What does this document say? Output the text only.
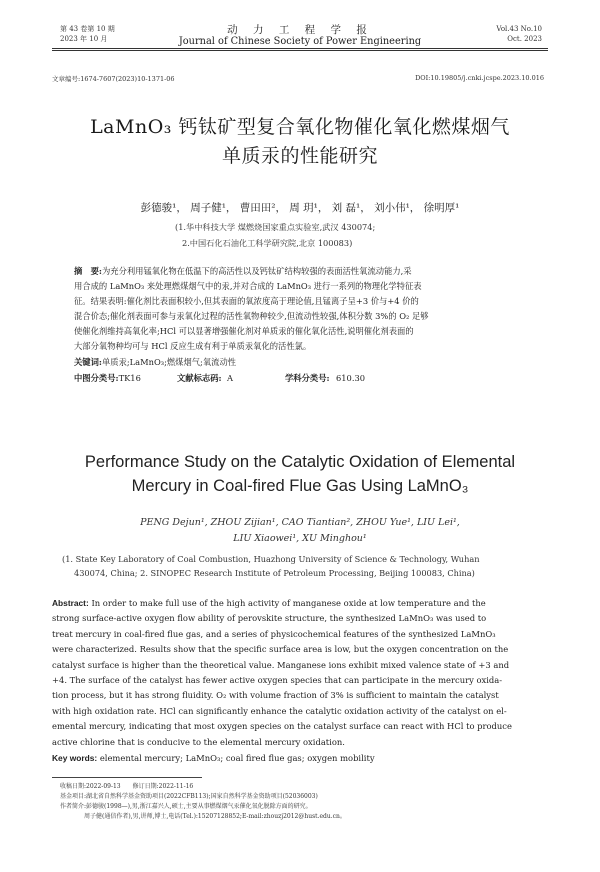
第 43 卷第 10 期
2023 年 10 月
动 力 工 程 学 报
Journal of Chinese Society of Power Engineering
Vol.43 No.10
Oct. 2023
文章编号:1674-7607(2023)10-1371-06	DOI:10.19805/j.cnki.jcspe.2023.10.016
LaMnO₃ 钙钛矿型复合氧化物催化氧化燃煤烟气
单质汞的性能研究
彭德骏¹， 周子健¹， 曹田田²， 周 玥¹， 刘 磊¹， 刘小伟¹， 徐明厚¹
(1.华中科技大学 煤燃烧国家重点实验室,武汉 430074;
2.中国石化石油化工科学研究院,北京 100083)
摘　要:为充分利用锰氧化物在低温下的高活性以及钙钛矿结构较强的表面活性氧流动能力,采
用合成的 LaMnO₃ 来处理燃煤烟气中的汞,并对合成的 LaMnO₃ 进行一系列的物理化学特征表
征。结果表明:催化剂比表面积较小,但其表面的氧浓度高于理论值,且锰离子呈+3 价与+4 价的
混合价态;催化剂表面可参与汞氧化过程的活性氧物种较少,但流动性较强,体积分数 3%的 O₂ 足够
使催化剂维持高氧化率;HCl 可以显著增强催化剂对单质汞的催化氧化活性,说明催化剂表面的
大部分氧物种均可与 HCl 反应生成有利于单质汞氧化的活性氯。
关键词:单质汞;LaMnO₃;燃煤烟气;氧流动性
中图分类号:TK16	文献标志码: A	学科分类号: 610.30
Performance Study on the Catalytic Oxidation of Elemental
Mercury in Coal-fired Flue Gas Using LaMnO₃
PENG Dejun¹, ZHOU Zijian¹, CAO Tiantian², ZHOU Yue¹, LIU Lei¹,
LIU Xiaowei¹, XU Minghou¹
(1. State Key Laboratory of Coal Combustion, Huazhong University of Science & Technology, Wuhan
430074, China; 2. SINOPEC Research Institute of Petroleum Processing, Beijing 100083, China)
Abstract: In order to make full use of the high activity of manganese oxide at low temperature and the
strong surface-active oxygen flow ability of perovskite structure, the synthesized LaMnO₃ was used to
treat mercury in coal-fired flue gas, and a series of physicochemical features of the synthesized LaMnO₃
were characterized. Results show that the specific surface area is low, but the oxygen concentration on the
catalyst surface is higher than the theoretical value. Manganese ions exhibit mixed valence state of +3 and
+4. The surface of the catalyst has fewer active oxygen species that can participate in the mercury oxida-
tion process, but it has strong fluidity. O₂ with volume fraction of 3% is sufficient to maintain the catalyst
with high oxidation rate. HCl can significantly enhance the catalytic oxidation activity of the catalyst on el-
emental mercury, indicating that most oxygen species on the catalyst surface can react with HCl to produce
active chlorine that is conducive to the elemental mercury oxidation.
Key words: elemental mercury; LaMnO₃; coal fired flue gas; oxygen mobility
收稿日期:2022-09-13　　修订日期:2022-11-16
基金项目:湖北省自然科学基金资助项目(2022CFB113);国家自然科学基金资助项目(52036003)
作者简介:彭德骏(1998—),男,浙江嘉兴人,硕士,主要从事燃煤烟气汞催化氧化脱除方面的研究。
周子健(通信作者),男,讲师,博士,电话(Tel.):15207128852;E-mail:zhouzj2012@hust.edu.cn。
